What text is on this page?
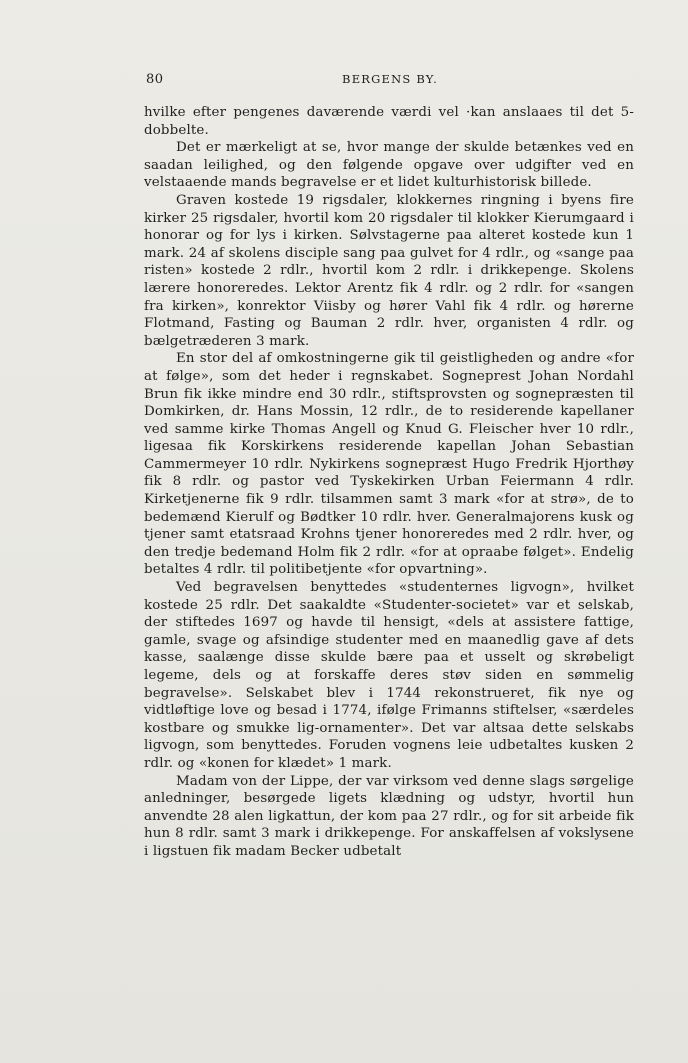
80	BERGENS BY.

hvilke efter pengenes daværende værdi vel ·kan anslaaes til det 5-dobbelte.

Det er mærkeligt at se, hvor mange der skulde betænkes ved en saadan leilighed, og den følgende opgave over udgifter ved en velstaaende mands begravelse er et lidet kulturhistorisk billede.

Graven kostede 19 rigsdaler, klokkernes ringning i byens fire kirker 25 rigsdaler, hvortil kom 20 rigsdaler til klokker Kierumgaard i honorar og for lys i kirken. Sølvstagerne paa alteret kostede kun 1 mark. 24 af skolens disciple sang paa gulvet for 4 rdlr., og «sange paa risten» kostede 2 rdlr., hvortil kom 2 rdlr. i drikkepenge. Skolens lærere honoreredes. Lektor Arentz fik 4 rdlr. og 2 rdlr. for «sangen fra kirken», konrektor Viisby og hører Vahl fik 4 rdlr. og hørerne Flotmand, Fasting og Bauman 2 rdlr. hver, organisten 4 rdlr. og bælgetræderen 3 mark.

En stor del af omkostningerne gik til geistligheden og andre «for at følge», som det heder i regnskabet. Sogneprest Johan Nordahl Brun fik ikke mindre end 30 rdlr., stiftsprovsten og sognepræsten til Domkirken, dr. Hans Mossin, 12 rdlr., de to residerende kapellaner ved samme kirke Thomas Angell og Knud G. Fleischer hver 10 rdlr., ligesaa fik Korskirkens residerende kapellan Johan Sebastian Cammermeyer 10 rdlr. Nykirkens sognepræst Hugo Fredrik Hjorthøy fik 8 rdlr. og pastor ved Tyskekirken Urban Feiermann 4 rdlr. Kirketjenerne fik 9 rdlr. tilsammen samt 3 mark «for at strø», de to bedemænd Kierulf og Bødtker 10 rdlr. hver. Generalmajorens kusk og tjener samt etatsraad Krohns tjener honoreredes med 2 rdlr. hver, og den tredje bedemand Holm fik 2 rdlr. «for at opraabe følget». Endelig betaltes 4 rdlr. til politibetjente «for opvartning».

Ved begravelsen benyttedes «studenternes ligvogn», hvilket kostede 25 rdlr. Det saakaldte «Studenter-societet» var et selskab, der stiftedes 1697 og havde til hensigt, «dels at assistere fattige, gamle, svage og afsindige studenter med en maanedlig gave af dets kasse, saalænge disse skulde bære paa et usselt og skrøbeligt legeme, dels og at forskaffe deres støv siden en sømmelig begravelse». Selskabet blev i 1744 rekonstrueret, fik nye og vidtløftige love og besad i 1774, ifølge Frimanns stiftelser, «særdeles kostbare og smukke lig-ornamenter». Det var altsaa dette selskabs ligvogn, som benyttedes. Foruden vognens leie udbetaltes kusken 2 rdlr. og «konen for klædet» 1 mark.

Madam von der Lippe, der var virksom ved denne slags sørgelige anledninger, besørgede ligets klædning og udstyr, hvortil hun anvendte 28 alen ligkattun, der kom paa 27 rdlr., og for sit arbeide fik hun 8 rdlr. samt 3 mark i drikkepenge. For anskaffelsen af vokslysene i ligstuen fik madam Becker udbetalt
